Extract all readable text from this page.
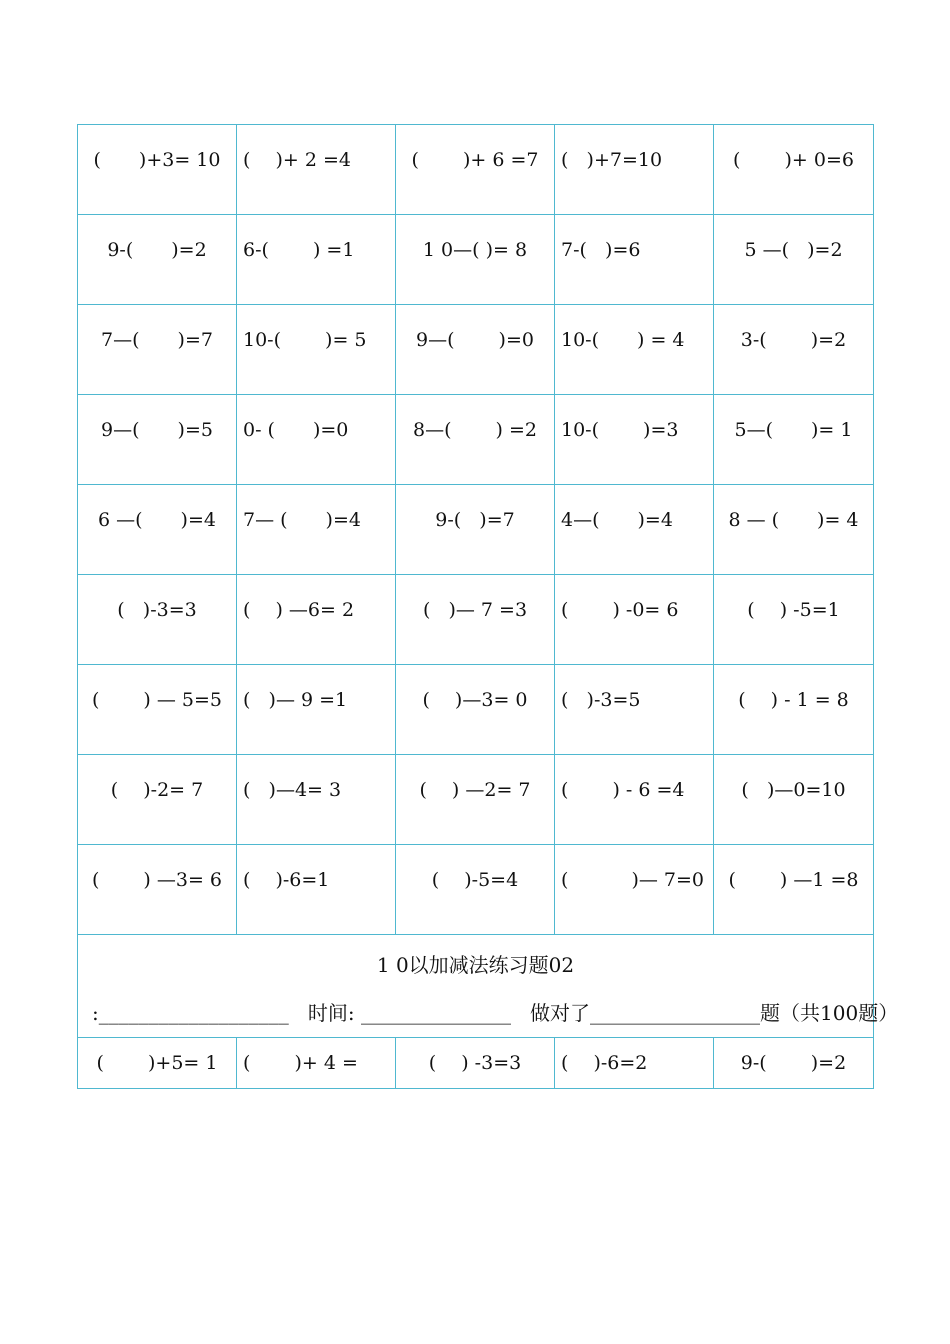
(　　)+3= 10	(　 )+ 2 =4	(　　 )+ 6 =7	(   )+7=10	(　　 )+ 0=6
9-(　　)=2	6-(　　 ) =1	1 0—( )= 8	7-(   )=6	5 —(   )=2
7—(　　)=7	10-(　　 )= 5	9—(　　 )=0	10-(　　) = 4	3-(　　 )=2
9—(　　)=5	0- (　　)=0	8—(　　 ) =2	10-(　　 )=3	5—(　　)= 1
6 —(　　)=4	7— (　　)=4	9-(   )=7	4—(　　)=4	8 — (　　)= 4
(   )-3=3	(　 ) —6= 2	(   )— 7 =3	(　　 ) -0= 6	(　 ) -5=1
(　　 ) — 5=5	(   )— 9 =1	(　 )—3= 0	(   )-3=5	(　 ) - 1 = 8
(　 )-2= 7	(   )—4= 3	(　 ) —2= 7	(　　 ) - 6 =4	(   )—0=10
(　　 ) —3= 6	(　 )-6=1	(　 )-5=4	(　　　 )— 7=0	(　　 ) —1 =8

1 0以加减法练习题02
:___________________ 时间: _______________ 做对了_________________题（共100题）				

(　　 )+5= 1	(　　 )+ 4 =	(　 ) -3=3	(　 )-6=2	9-(　　 )=2
